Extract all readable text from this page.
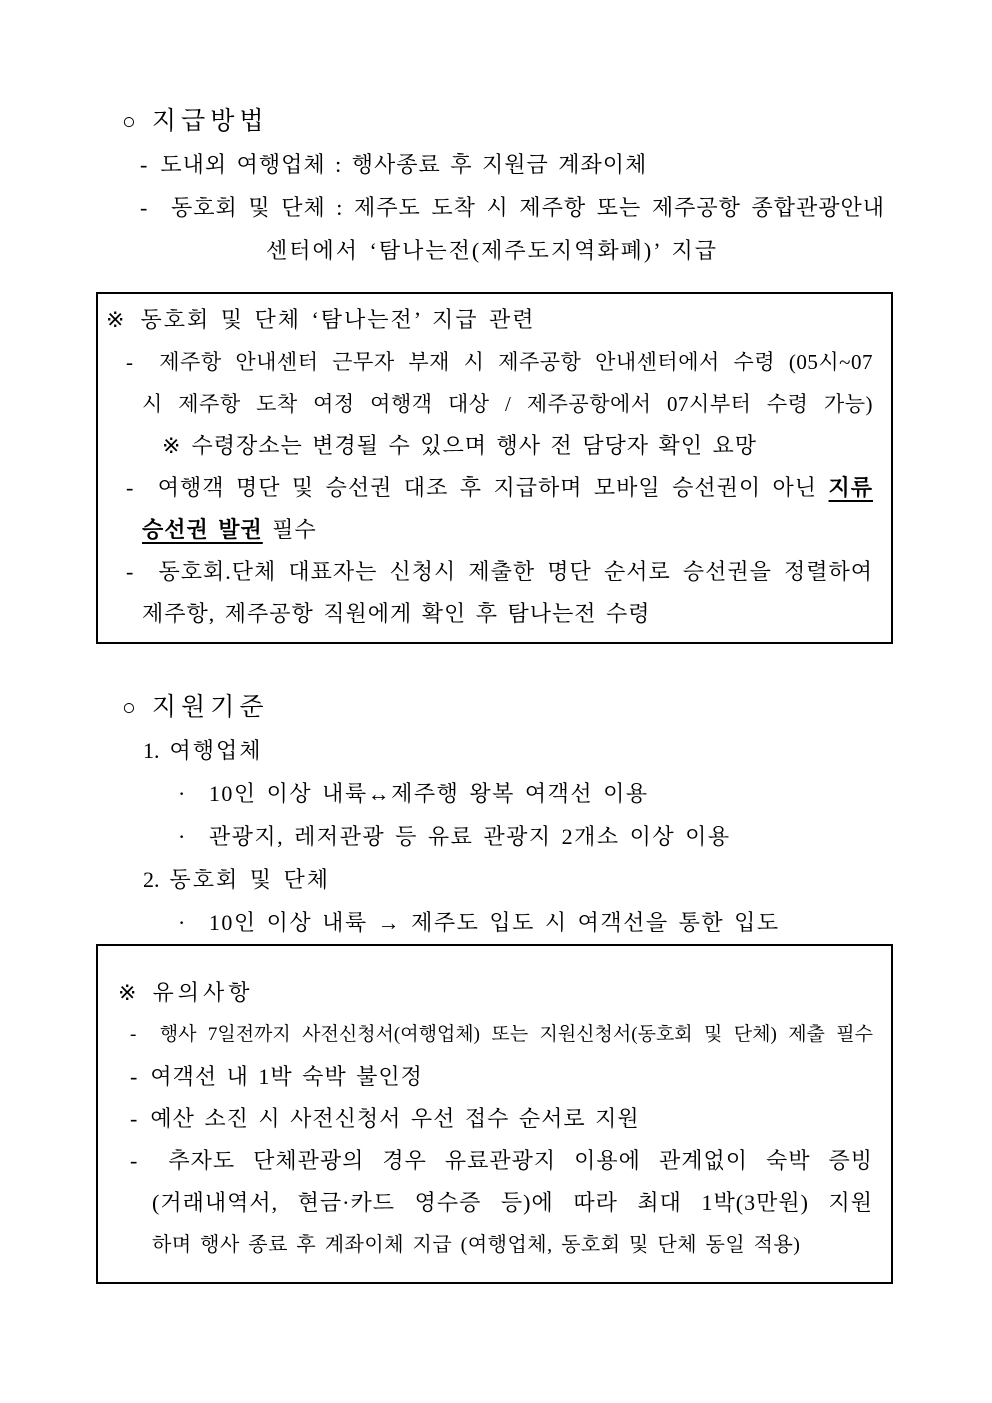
○ 지급방법
- 도내외 여행업체 : 행사종료 후 지원금 계좌이체
- 동호회 및 단체 : 제주도 도착 시 제주항 또는 제주공항 종합관광안내
센터에서 ‘탐나는전(제주도지역화폐)’ 지급
※ 동호회 및 단체 ‘탐나는전’ 지급 관련
- 제주항 안내센터 근무자 부재 시 제주공항 안내센터에서 수령 (05시~07
시 제주항 도착 여정 여행객 대상 / 제주공항에서 07시부터 수령 가능)
※ 수령장소는 변경될 수 있으며 행사 전 담당자 확인 요망
- 여행객 명단 및 승선권 대조 후 지급하며 모바일 승선권이 아닌 지류
승선권 발권 필수
- 동호회.단체 대표자는 신청시 제출한 명단 순서로 승선권을 정렬하여
제주항, 제주공항 직원에게 확인 후 탐나는전 수령
○ 지원기준
1. 여행업체
· 10인 이상 내륙↔제주행 왕복 여객선 이용
· 관광지, 레저관광 등 유료 관광지 2개소 이상 이용
2. 동호회 및 단체
· 10인 이상 내륙 → 제주도 입도 시 여객선을 통한 입도
※ 유의사항
- 행사 7일전까지 사전신청서(여행업체) 또는 지원신청서(동호회 및 단체) 제출 필수
- 여객선 내 1박 숙박 불인정
- 예산 소진 시 사전신청서 우선 접수 순서로 지원
- 추자도 단체관광의 경우 유료관광지 이용에 관계없이 숙박 증빙
(거래내역서, 현금·카드 영수증 등)에 따라 최대 1박(3만원) 지원
하며 행사 종료 후 계좌이체 지급 (여행업체, 동호회 및 단체 동일 적용)
